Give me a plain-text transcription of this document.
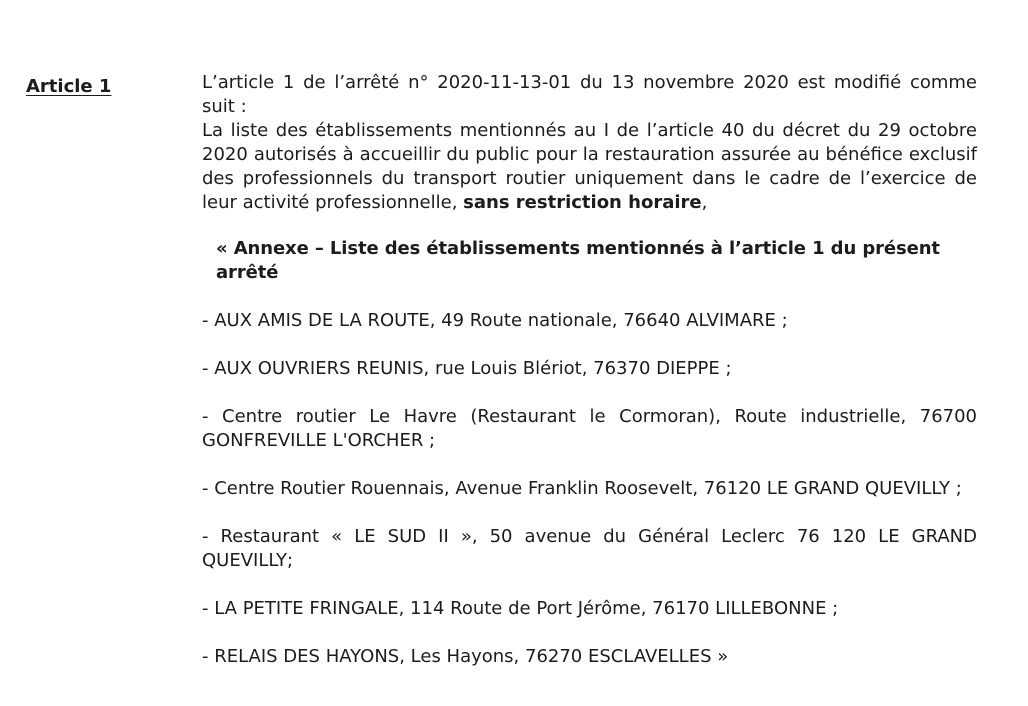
Article 1	L’article 1 de l’arrêté n° 2020-11-13-01 du 13 novembre 2020 est modifié comme suit :

La liste des établissements mentionnés au I de l’article 40 du décret du 29 octobre 2020 autorisés à accueillir du public pour la restauration assurée au bénéfice exclusif des professionnels du transport routier uniquement dans le cadre de l’exercice de leur activité professionnelle, sans restriction horaire,

« Annexe – Liste des établissements mentionnés à l’article 1 du présent arrêté

- AUX AMIS DE LA ROUTE, 49 Route nationale, 76640 ALVIMARE ;
- AUX OUVRIERS REUNIS, rue Louis Blériot, 76370 DIEPPE ;
- Centre routier Le Havre (Restaurant le Cormoran), Route industrielle, 76700 GONFREVILLE L'ORCHER ;
- Centre Routier Rouennais, Avenue Franklin Roosevelt, 76120 LE GRAND QUEVILLY ;
- Restaurant « LE SUD II », 50 avenue du Général Leclerc 76 120 LE GRAND QUEVILLY;
- LA PETITE FRINGALE, 114 Route de Port Jérôme, 76170 LILLEBONNE ;
- RELAIS DES HAYONS, Les Hayons, 76270 ESCLAVELLES »
